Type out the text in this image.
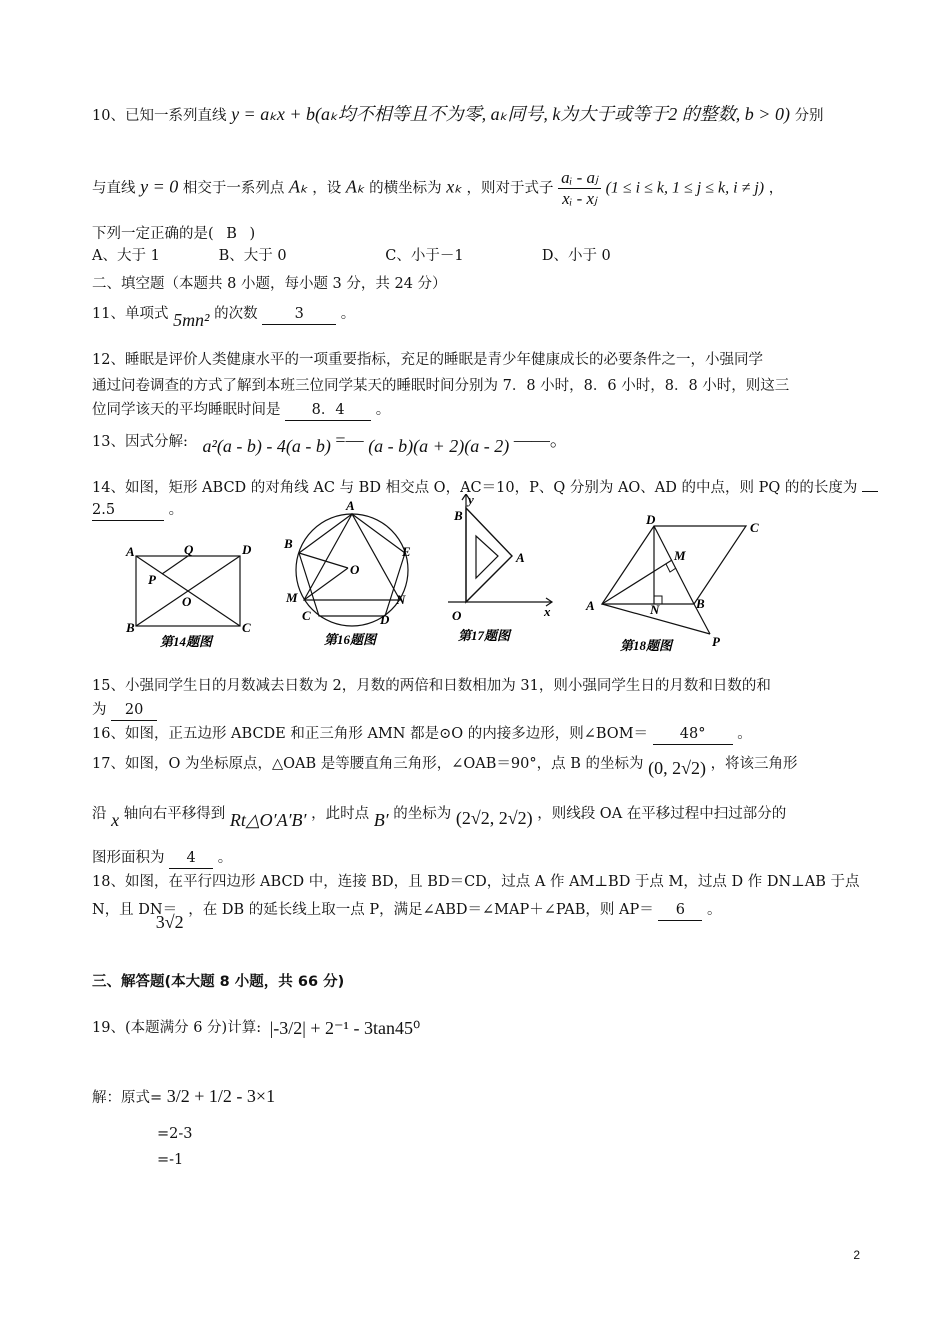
10、已知一系列直线 y = aₖx + b(aₖ均不相等且不为零, aₖ同号, k为大于或等于2 的整数, b > 0) 分别
与直线 y = 0 相交于一系列点 Aₖ ，设 Aₖ 的横坐标为 xₖ ，则对于式子 $\frac{\text{aᵢ - aⱼ}}{\text{xᵢ - xⱼ}} (1 \le i \le k$, 1 ≤ j ≤ k, i ≠ j) ，
下列一定正确的是( B )
A、大于 1	B、大于 0	C、小于－1	D、小于 0
二、填空题（本题共 8 小题，每小题 3 分，共 24 分）
11、单项式 5mn² 的次数	3	。
12、睡眠是评价人类健康水平的一项重要指标，充足的睡眠是青少年健康成长的必要条件之一，小强同学
通过问卷调查的方式了解到本班三位同学某天的睡眠时间分别为 7．8 小时，8．6 小时，8．8 小时，则这三
位同学该天的平均睡眠时间是 8．4 。
13、因式分解: a²(a - b) - 4(a - b) =— (a - b)(a + 2)(a - 2) ——。
14、如图，矩形 ABCD 的对角线 AC 与 BD 相交点 O，AC＝10，P、Q 分别为 AO、AD 的中点，则 PQ 的的长度为
2.5	。
A	Q	D
P
O
B	C
第14题图
A
B
E
O
M	N
C	D
第16题图
y
B
A
O	x
第17题图
D
C
M
A	N	B
P
第18题图
15、小强同学生日的月数减去日数为 2，月数的两倍和日数相加为 31，则小强同学生日的月数和日数的和
为 20
16、如图，正五边形 ABCDE 和正三角形 AMN 都是⊙O 的内接多边形，则∠BOM＝ 48° 。
17、如图，O 为坐标原点，△OAB 是等腰直角三角形，∠OAB＝90°，点 B 的坐标为 (0, 2√2) ，将该三角形
沿 x 轴向右平移得到 Rt△O′A′B′ ，此时点 B′ 的坐标为 (2√2, 2√2) ，则线段 OA 在平移过程中扫过部分的
图形面积为 4 。
18、如图，在平行四边形 ABCD 中，连接 BD，且 BD＝CD，过点 A 作 AM⊥BD 于点 M，过点 D 作 DN⊥AB 于点
N，且 DN＝ 3√2 ，在 DB 的延长线上取一点 P，满足∠ABD＝∠MAP＋∠PAB，则 AP＝ 6 。
三、解答题(本大题 8 小题，共 66 分)
19、(本题满分 6 分)计算: |-3/2| + 2⁻¹ - 3tan45⁰
解：原式= 3/2 + 1/2 - 3×1
=2-3
=-1
2
